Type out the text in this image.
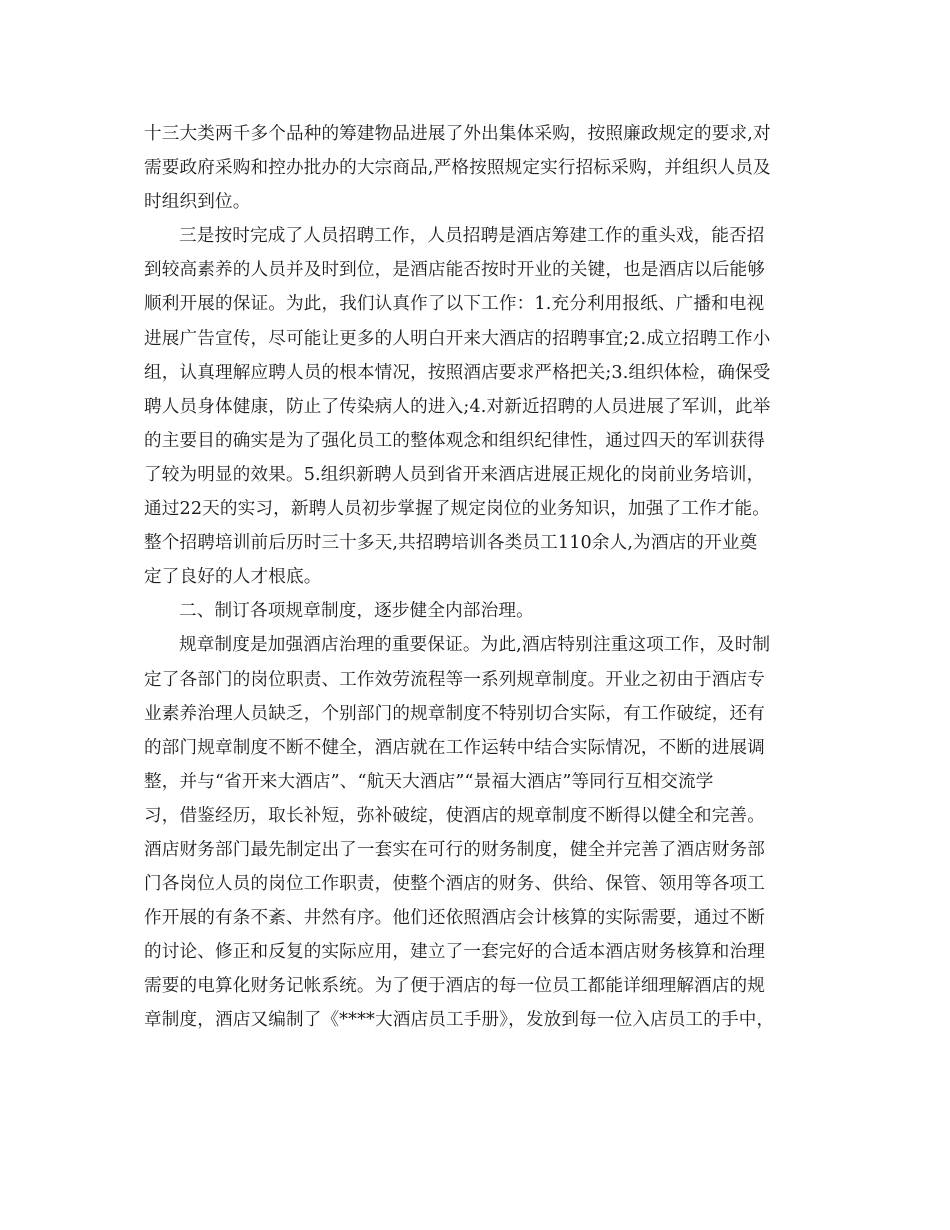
十三大类两千多个品种的筹建物品进展了外出集体采购，按照廉政规定的要求,对
需要政府采购和控办批办的大宗商品,严格按照规定实行招标采购，并组织人员及
时组织到位。
三是按时完成了人员招聘工作，人员招聘是酒店筹建工作的重头戏，能否招
到较高素养的人员并及时到位，是酒店能否按时开业的关键，也是酒店以后能够
顺利开展的保证。为此，我们认真作了以下工作：1.充分利用报纸、广播和电视
进展广告宣传，尽可能让更多的人明白开来大酒店的招聘事宜;2.成立招聘工作小
组，认真理解应聘人员的根本情况，按照酒店要求严格把关;3.组织体检，确保受
聘人员身体健康，防止了传染病人的进入;4.对新近招聘的人员进展了军训，此举
的主要目的确实是为了强化员工的整体观念和组织纪律性，通过四天的军训获得
了较为明显的效果。5.组织新聘人员到省开来酒店进展正规化的岗前业务培训，
通过22天的实习，新聘人员初步掌握了规定岗位的业务知识，加强了工作才能。
整个招聘培训前后历时三十多天,共招聘培训各类员工110余人,为酒店的开业奠
定了良好的人才根底。
二、制订各项规章制度，逐步健全内部治理。
规章制度是加强酒店治理的重要保证。为此,酒店特别注重这项工作，及时制
定了各部门的岗位职责、工作效劳流程等一系列规章制度。开业之初由于酒店专
业素养治理人员缺乏，个别部门的规章制度不特别切合实际，有工作破绽，还有
的部门规章制度不断不健全，酒店就在工作运转中结合实际情况，不断的进展调
整，并与“省开来大酒店”、“航天大酒店”“景福大酒店”等同行互相交流学
习，借鉴经历，取长补短，弥补破绽，使酒店的规章制度不断得以健全和完善。
酒店财务部门最先制定出了一套实在可行的财务制度，健全并完善了酒店财务部
门各岗位人员的岗位工作职责，使整个酒店的财务、供给、保管、领用等各项工
作开展的有条不紊、井然有序。他们还依照酒店会计核算的实际需要，通过不断
的讨论、修正和反复的实际应用，建立了一套完好的合适本酒店财务核算和治理
需要的电算化财务记帐系统。为了便于酒店的每一位员工都能详细理解酒店的规
章制度，酒店又编制了《****大酒店员工手册》，发放到每一位入店员工的手中，
